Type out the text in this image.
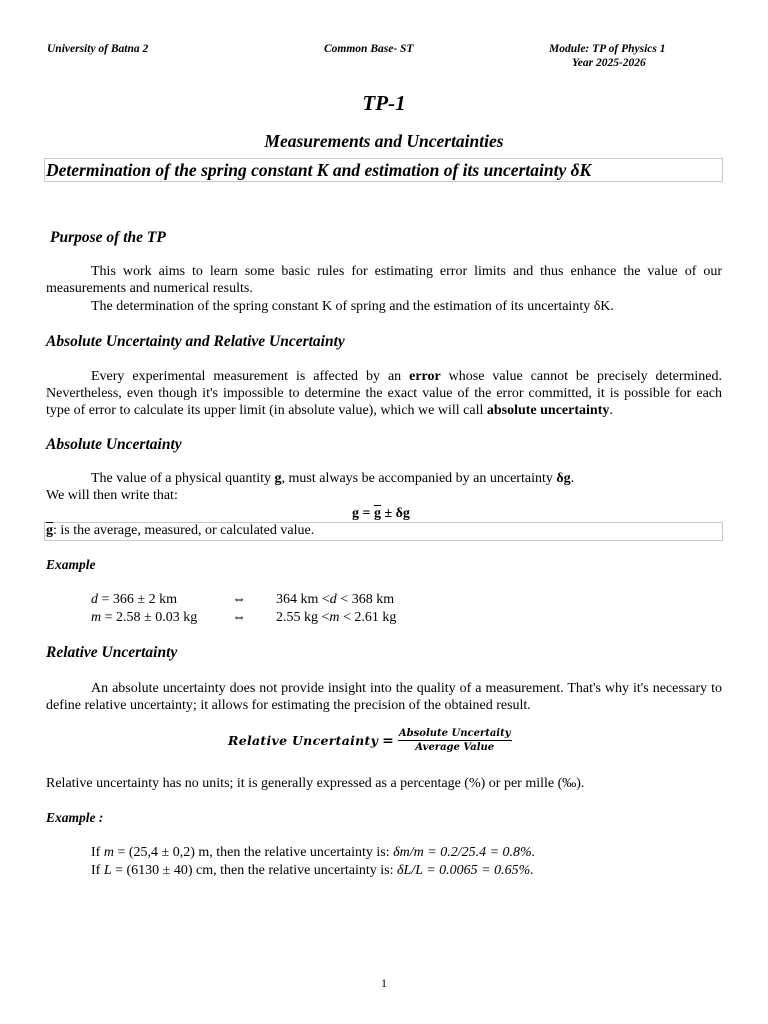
University of Batna 2	Common Base- ST	Module: TP of Physics 1
Year 2025-2026
TP-1
Measurements and Uncertainties
Determination of the spring constant K and estimation of its uncertainty δK
Purpose of the TP
This work aims to learn some basic rules for estimating error limits and thus enhance the value of our measurements and numerical results.
The determination of the spring constant K of spring and the estimation of its uncertainty δK.
Absolute Uncertainty and Relative Uncertainty
Every experimental measurement is affected by an error whose value cannot be precisely determined. Nevertheless, even though it's impossible to determine the exact value of the error committed, it is possible for each type of error to calculate its upper limit (in absolute value), which we will call absolute uncertainty.
Absolute Uncertainty
The value of a physical quantity g, must always be accompanied by an uncertainty δg.
We will then write that:
$g = \overline{g} \pm \delta g$
$\overline{g}$: is the average, measured, or calculated value.
Example
d = 366 ± 2 km	⇔ 364 km <d < 368 km
m = 2.58 ± 0.03 kg ⇔ 2.55 kg <m < 2.61 kg
Relative Uncertainty
An absolute uncertainty does not provide insight into the quality of a measurement. That's why it's necessary to define relative uncertainty; it allows for estimating the precision of the obtained result.
Relative Uncertainty = $\frac{\text{Absolute Uncertaity}}{\text{Average Value}}$
Relative uncertainty has no units; it is generally expressed as a percentage (%) or per mille (‰).
Example :
If m = (25,4 ± 0,2) m, then the relative uncertainty is: δm/m = 0.2/25.4 = 0.8%.
If L = (6130 ± 40) cm, then the relative uncertainty is: δL/L = 0.0065 = 0.65%.
1
